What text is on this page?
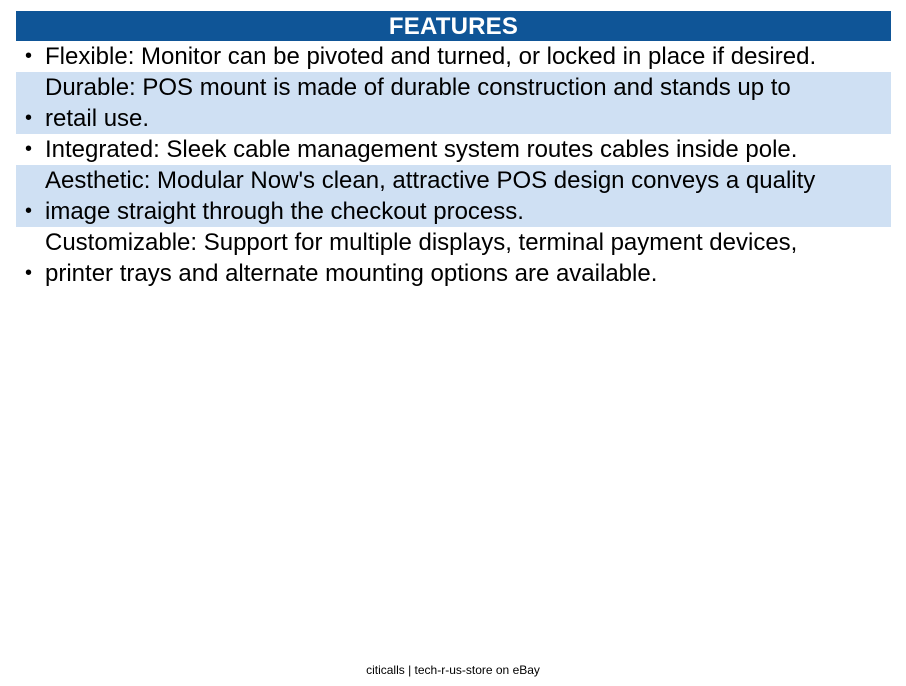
FEATURES
• Flexible: Monitor can be pivoted and turned, or locked in place if desired.
•
Durable: POS mount is made of durable construction and stands up to
retail use.
• Integrated: Sleek cable management system routes cables inside pole.
•
Aesthetic: Modular Now's clean, attractive POS design conveys a quality
image straight through the checkout process.
•
Customizable: Support for multiple displays, terminal payment devices,
printer trays and alternate mounting options are available.
citicalls | tech-r-us-store on eBay
